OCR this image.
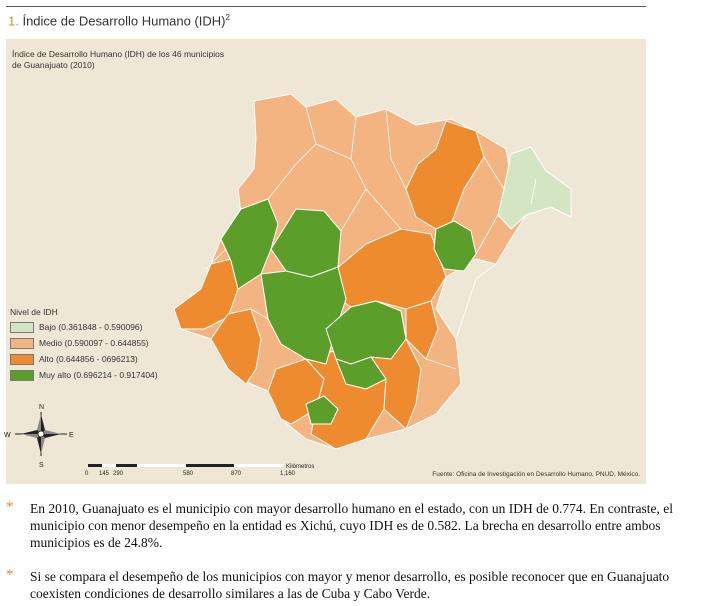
1. Índice de Desarrollo Humano (IDH)$^2$
Índice de Desarrollo Humano (IDH) de los 46 municipios
de Guanajuato (2010)
N
S
E
W
0 145 290	580	870	1,160
Kilómetros
Nivel de IDH
Bajo (0.361848 - 0.590096)
Medio (0.590097 - 0.644855)
Alto (0.644856 - 0696213)
Muy alto (0.696214 - 0.917404)
Fuente: Oficina de Investigación en Desarrollo Humano, PNUD, México.
* En 2010, Guanajuato es el municipio con mayor desarrollo humano en el estado, con un IDH de 0.774. En contraste, el municipio con menor desempeño en la entidad es Xichú, cuyo IDH es de 0.582. La brecha en desarrollo entre ambos municipios es de 24.8%.
* Si se compara el desempeño de los municipios con mayor y menor desarrollo, es posible reconocer que en Guanajuato coexisten condiciones de desarrollo similares a las de Cuba y Cabo Verde.
